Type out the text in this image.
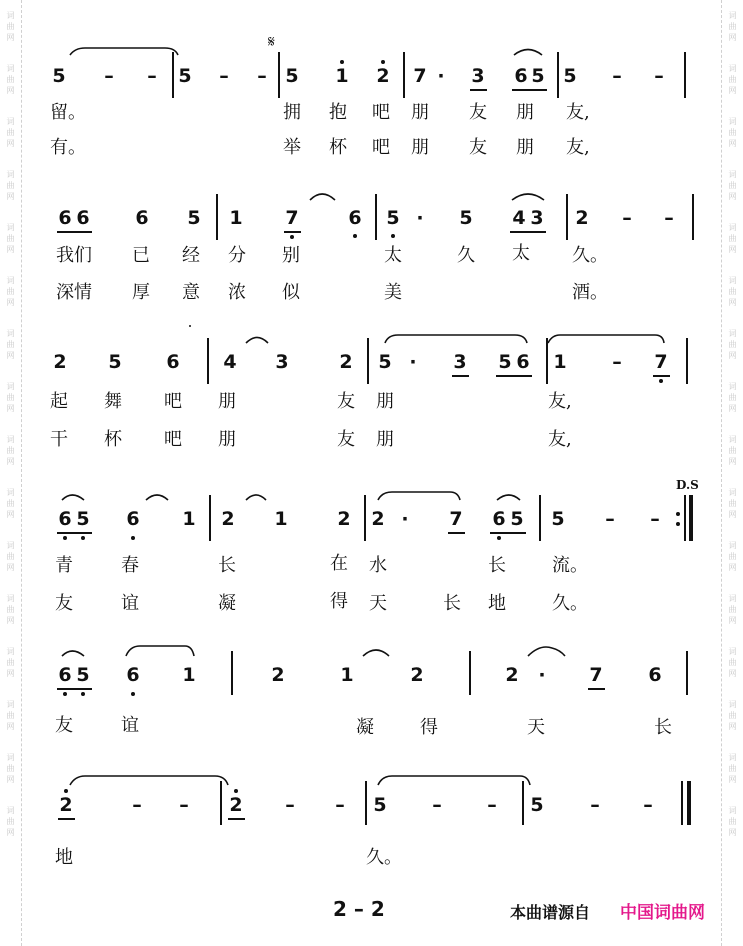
词
曲
网
词
曲
网
词
曲
网
词
曲
网
词
曲
网
词
曲
网
词
曲
网
词
曲
网
词
曲
网
词
曲
网
词
曲
网
词
曲
网
词
曲
网
词
曲
网
词
曲
网
词
曲
网
词
曲
网
词
曲
网
词
曲
网
词
曲
网
词
曲
网
词
曲
网
词
曲
网
词
曲
网
词
曲
网
词
曲
网
词
曲
网
词
曲
网
词
曲
网
词
曲
网
词
曲
网
词
曲
网
𝄋
D.S
5 – – 5 – – 5 1 2 7 · 3 6 5 5 – –
留。	拥 抱 吧 朋 友 朋 友,
有。	举 杯 吧 朋 友 朋 友,
6 6 6 5 1 7	6 5 · 5 4 3 2 – –
我们 已 经 分 别	太	久 太 久。
深情 厚 意 浓 似	美	酒。
2 5 6 4 3	2 5 · 3 5 6 1 – 7
起 舞 吧 朋	友 朋	友,
干 杯 吧 朋	友 朋	友,
6 5 6 1 2 1	2 2 · 7 6 5 5 – –
青	春	长	在 水	长	流。
友	谊	凝	得 天	长 地	久。
6 5 6 1	2	1	2	2 · 7 6
友	谊	凝	得	天	长
2	– – 2 – – 5 – – 5 – –
地	久。
2 – 2	本曲谱源自 中国词曲网
